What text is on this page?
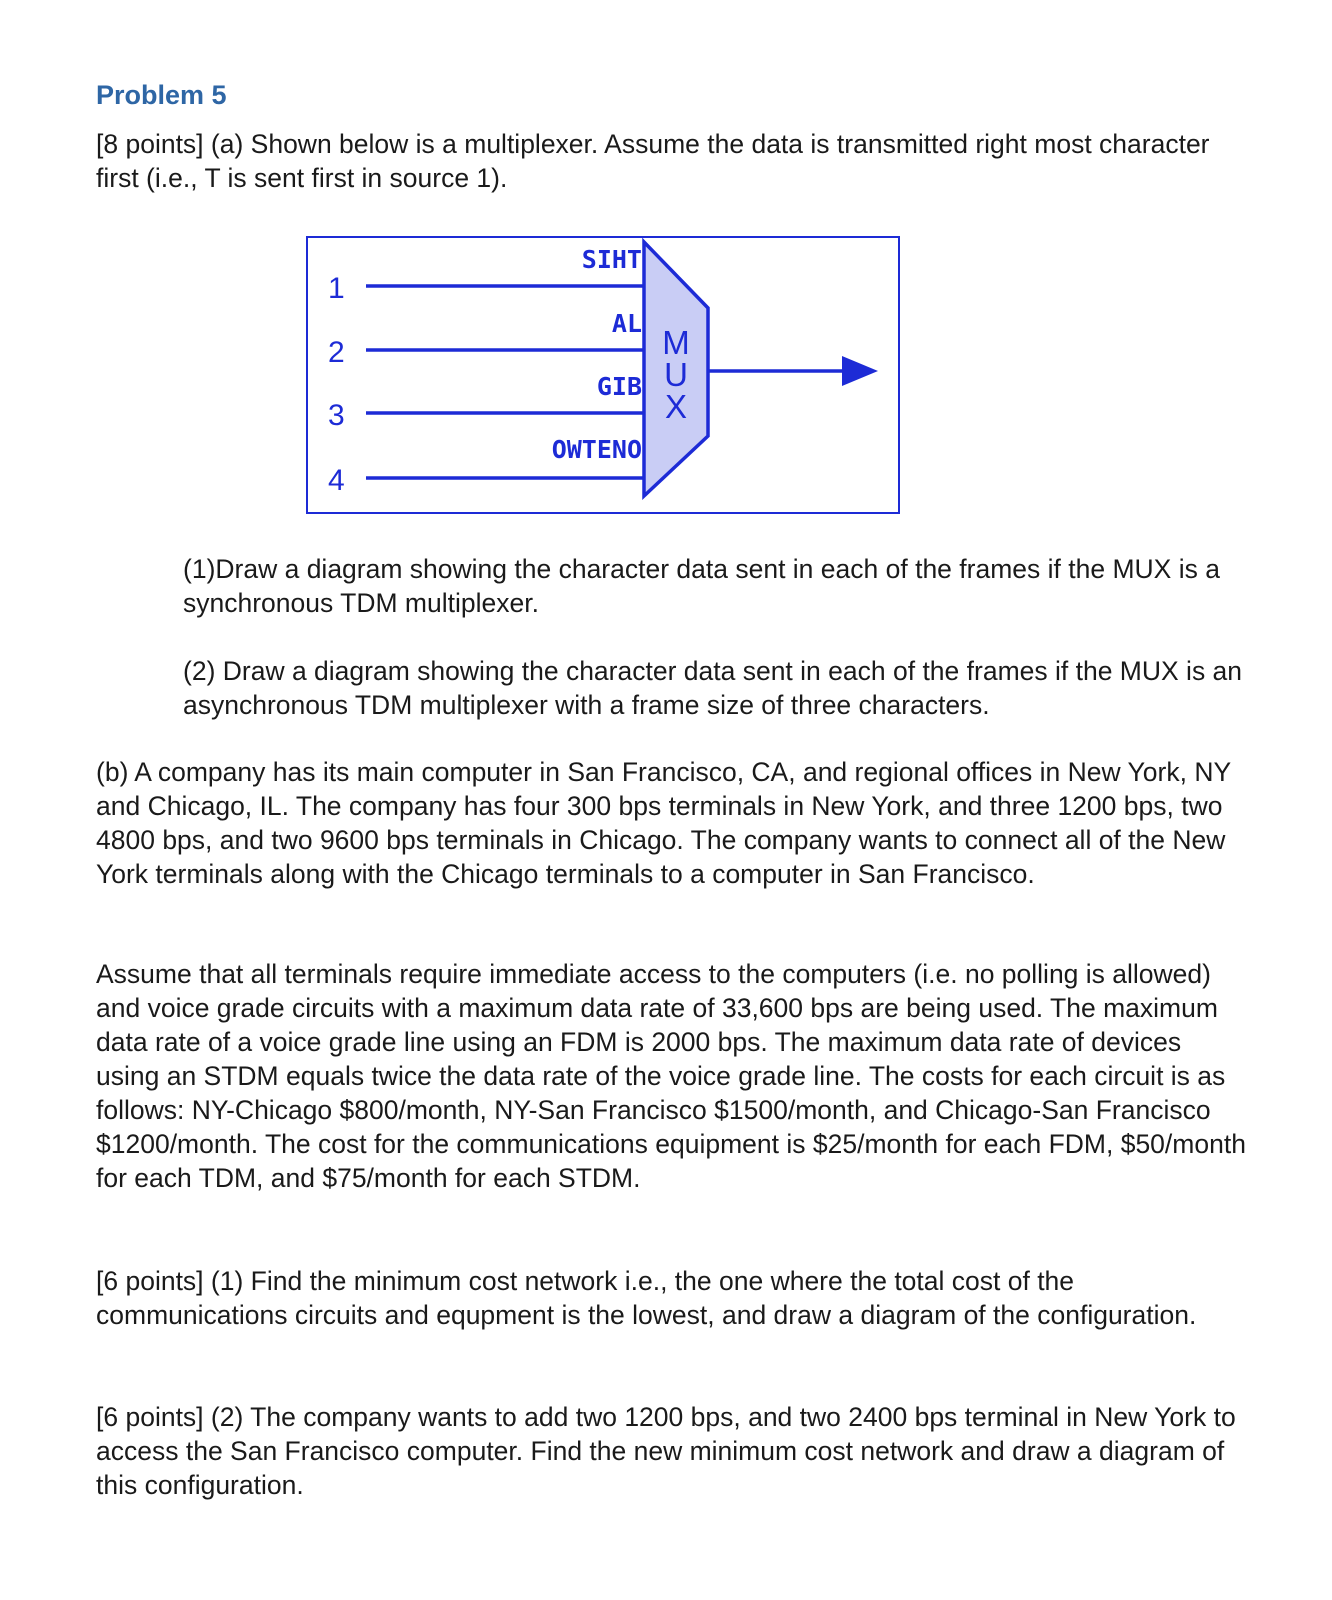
Problem 5

[8 points] (a) Shown below is a multiplexer. Assume the data is transmitted right most character first (i.e., T is sent first in source 1).

1
2
3
4
SIHT
AL
GIB
OWTENO
M
U
X

(1)Draw a diagram showing the character data sent in each of the frames if the MUX is a synchronous TDM multiplexer.

(2) Draw a diagram showing the character data sent in each of the frames if the MUX is an asynchronous TDM multiplexer with a frame size of three characters.

(b) A company has its main computer in San Francisco, CA, and regional offices in New York, NY and Chicago, IL. The company has four 300 bps terminals in New York, and three 1200 bps, two 4800 bps, and two 9600 bps terminals in Chicago. The company wants to connect all of the New York terminals along with the Chicago terminals to a computer in San Francisco.

Assume that all terminals require immediate access to the computers (i.e. no polling is allowed) and voice grade circuits with a maximum data rate of 33,600 bps are being used. The maximum data rate of a voice grade line using an FDM is 2000 bps. The maximum data rate of devices using an STDM equals twice the data rate of the voice grade line. The costs for each circuit is as follows: NY-Chicago $800/month, NY-San Francisco $1500/month, and Chicago-San Francisco $1200/month. The cost for the communications equipment is $25/month for each FDM, $50/month for each TDM, and $75/month for each STDM.

[6 points] (1) Find the minimum cost network i.e., the one where the total cost of the communications circuits and equpment is the lowest, and draw a diagram of the configuration.

[6 points] (2) The company wants to add two 1200 bps, and two 2400 bps terminal in New York to access the San Francisco computer. Find the new minimum cost network and draw a diagram of this configuration.
